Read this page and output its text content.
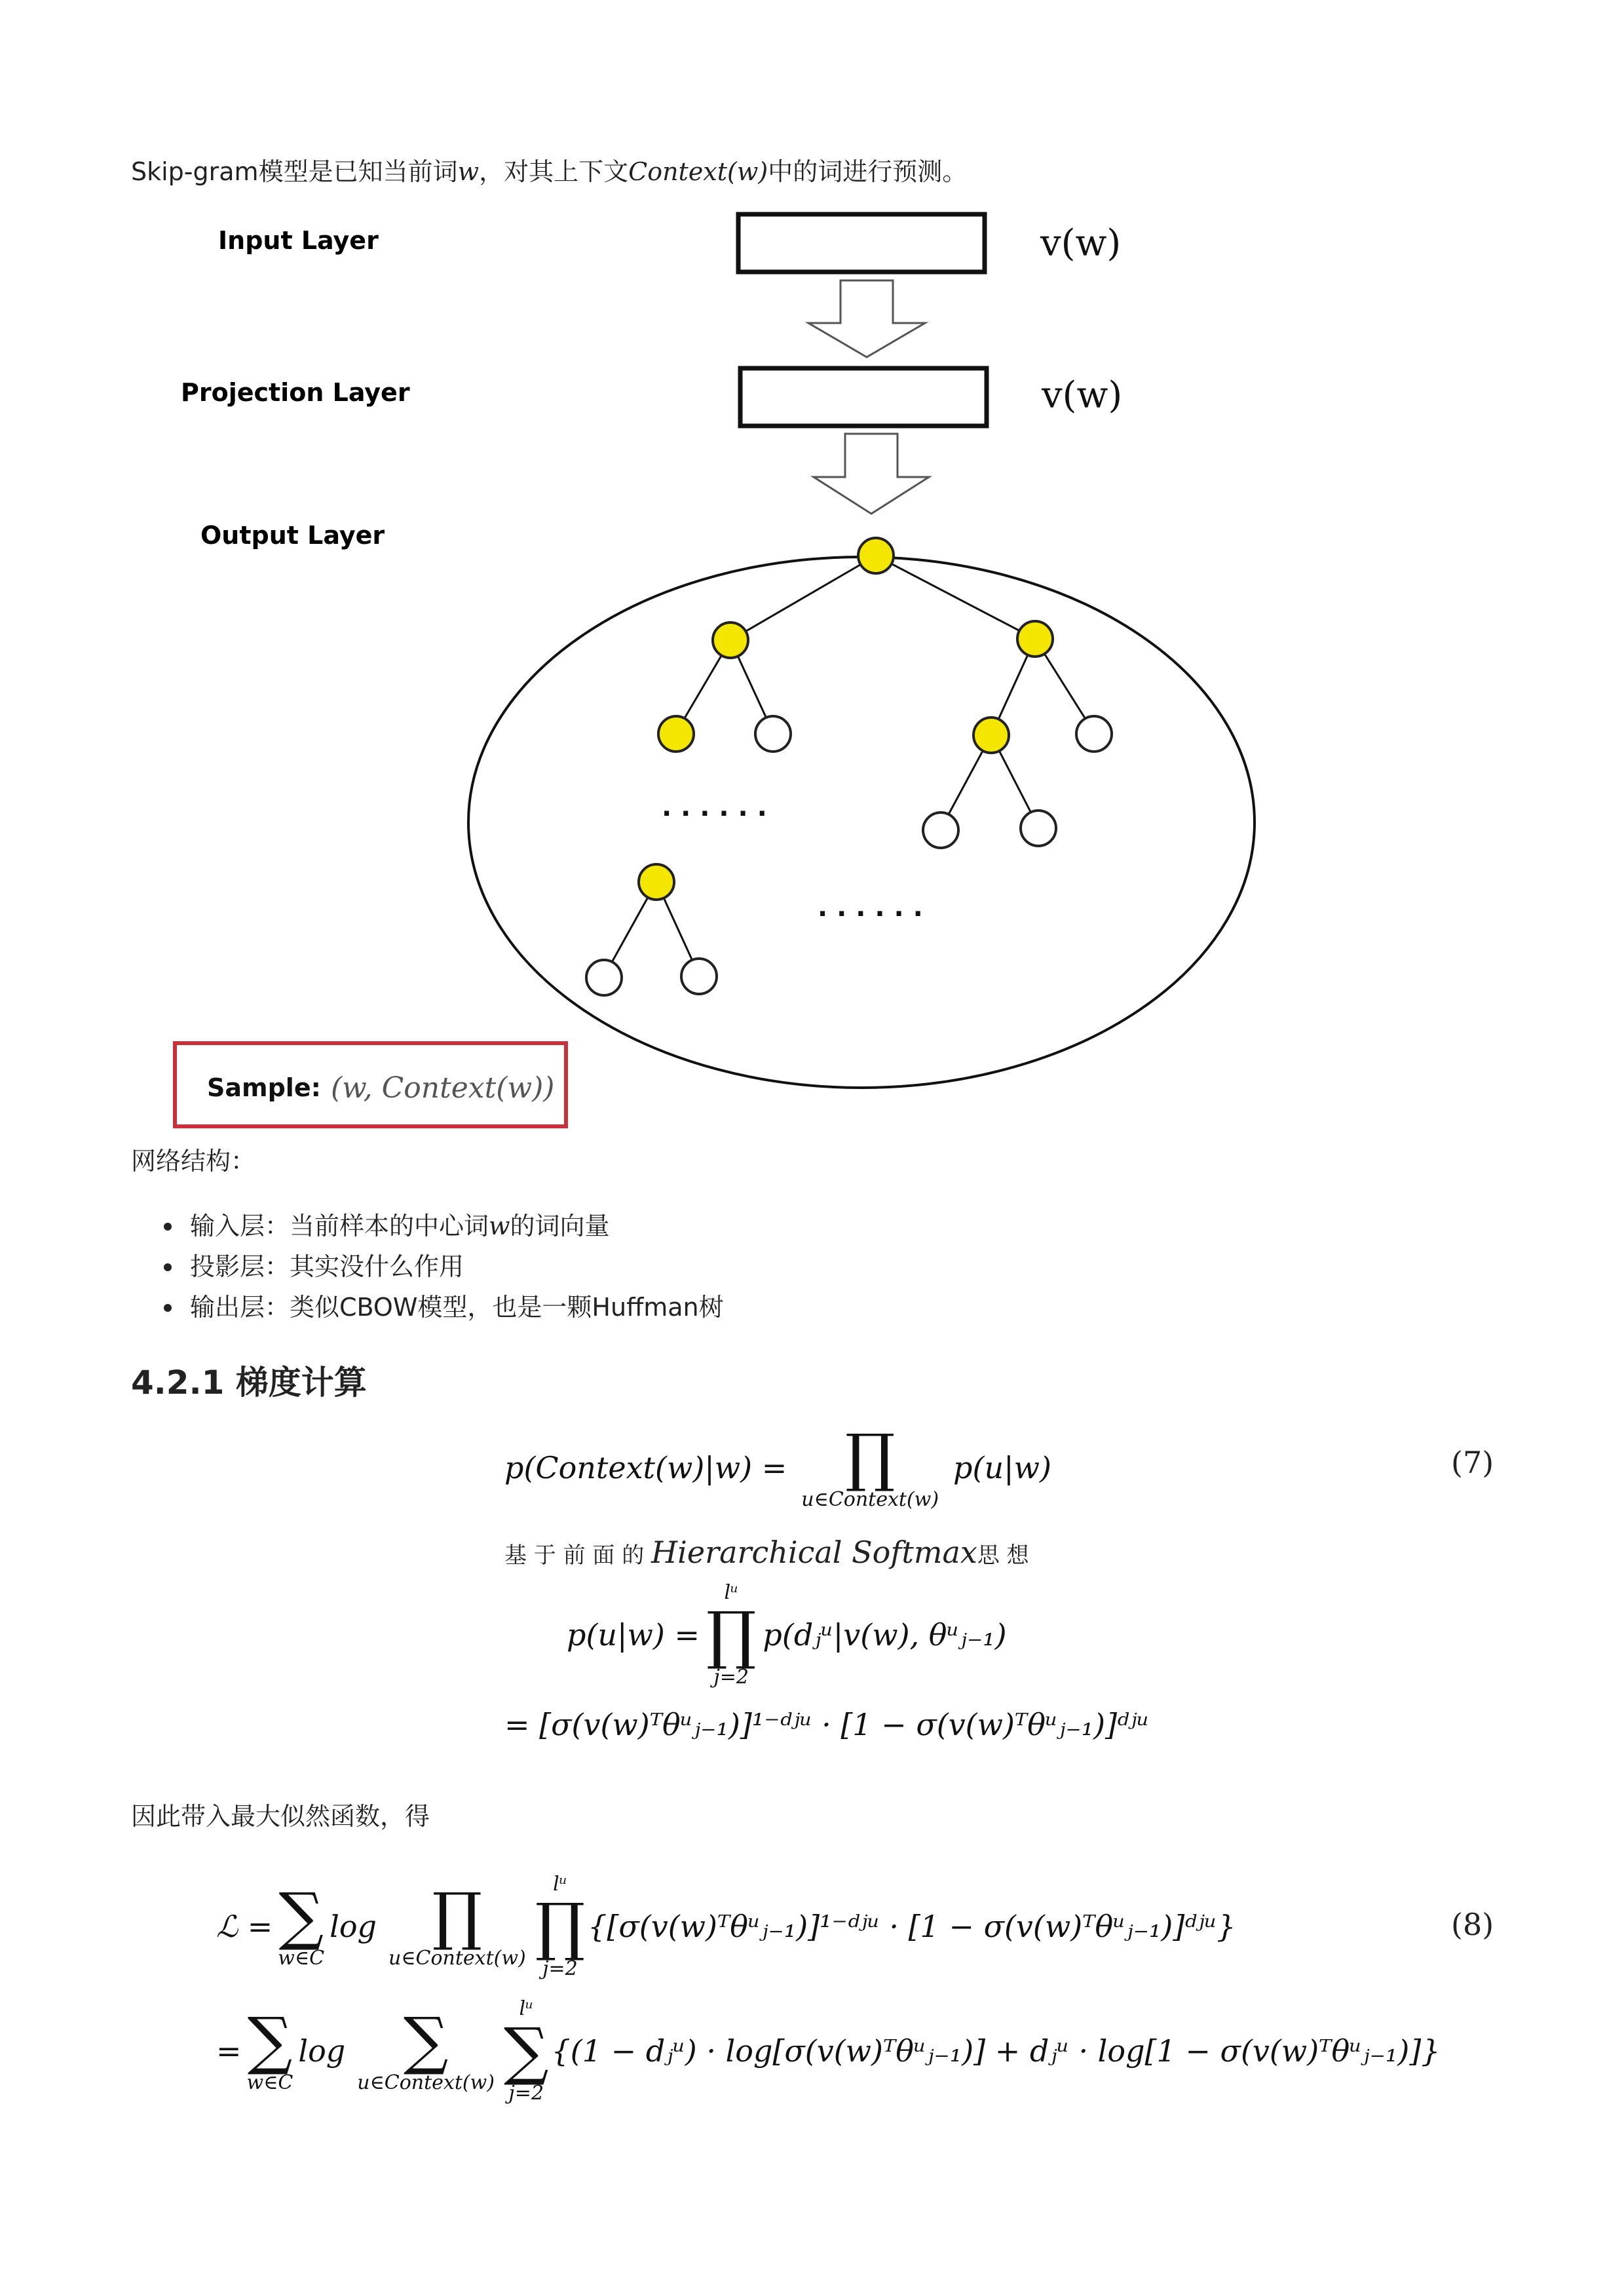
Skip-gram模型是已知当前词w，对其上下文Context(w)中的词进行预测。
Input Layer
Projection Layer
Output Layer
v(w)
v(w)
· · · · · ·
· · · · · ·
Sample: (w, Context(w))
网络结构：
输入层：当前样本的中心词w的词向量
投影层：其实没什么作用
输出层：类似CBOW模型，也是一颗Huffman树
4.2.1 梯度计算
p(Context(w)|w) = ∏
u∈Context(w)
p(u|w)	(7)
基 于 前 面 的 Hierarchical Softmax思 想
p(u|w) =
lᵘ
∏
j=2
p(dⱼᵘ|v(w), θᵘⱼ₋₁)
= [σ(v(w)ᵀθᵘⱼ₋₁)]¹⁻ᵈʲᵘ · [1 − σ(v(w)ᵀθᵘⱼ₋₁)]ᵈʲᵘ
因此带入最大似然函数，得
ℒ = ∑
w∈C
log ∏
u∈Context(w)
lᵘ
∏
j=2
{[σ(v(w)ᵀθᵘⱼ₋₁)]¹⁻ᵈʲᵘ · [1 − σ(v(w)ᵀθᵘⱼ₋₁)]ᵈʲᵘ}	(8)
= ∑
w∈C
log ∑
u∈Context(w)
lᵘ
∑
j=2
{(1 − dⱼᵘ) · log[σ(v(w)ᵀθᵘⱼ₋₁)] + dⱼᵘ · log[1 − σ(v(w)ᵀθᵘⱼ₋₁)]}
